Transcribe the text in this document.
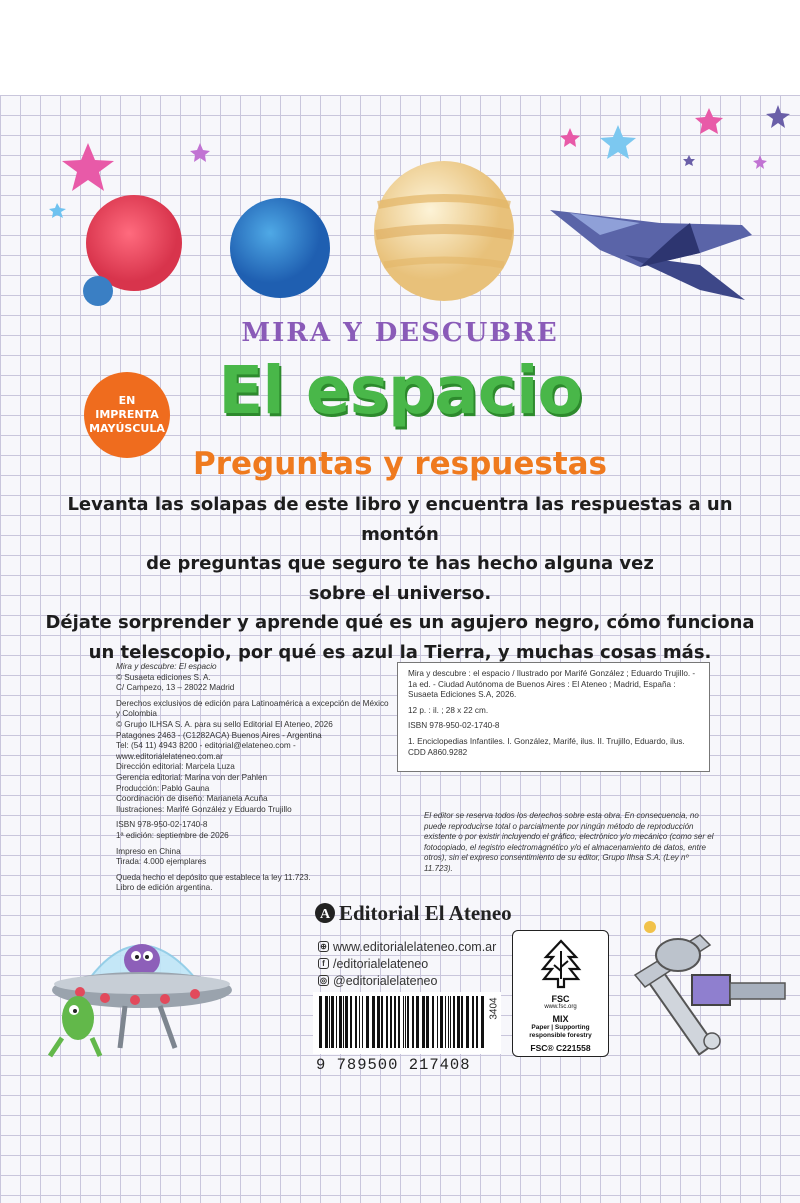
MIRA Y DESCUBRE
El espacio
EN
IMPRENTA
MAYÚSCULA
Preguntas y respuestas
Levanta las solapas de este libro y encuentra las respuestas a un montón
de preguntas que seguro te has hecho alguna vez
sobre el universo.
Déjate sorprender y aprende qué es un agujero negro, cómo funciona
un telescopio, por qué es azul la Tierra, y muchas cosas más.

Mira y descubre: El espacio
© Susaeta ediciones S. A.
C/ Campezo, 13 – 28022 Madrid

Derechos exclusivos de edición para Latinoamérica a excepción de México y Colombia
© Grupo ILHSA S. A. para su sello Editorial El Ateneo, 2026
Patagones 2463 - (C1282ACA) Buenos Aires - Argentina
Tel: (54 11) 4943 8200 - editorial@elateneo.com - www.editorialelateneo.com.ar
Dirección editorial: Marcela Luza
Gerencia editorial: Marina von der Pahlen
Producción: Pablo Gauna
Coordinación de diseño: Marianela Acuña
Ilustraciones: Marifé González y Eduardo Trujillo

ISBN 978-950-02-1740-8
1ª edición: septiembre de 2026

Impreso en China
Tirada: 4.000 ejemplares

Queda hecho el depósito que establece la ley 11.723.
Libro de edición argentina.

Mira y descubre : el espacio / Ilustrado por Marifé González ; Eduardo Trujillo. - 1a ed. - Ciudad Autónoma de Buenos Aires : El Ateneo ; Madrid, España : Susaeta Ediciones S.A, 2026.

12 p. : il. ; 28 x 22 cm.

ISBN 978-950-02-1740-8

1. Enciclopedias Infantiles. I. González, Marifé, ilus. II. Trujillo, Eduardo, ilus.
CDD A860.9282

El editor se reserva todos los derechos sobre esta obra. En consecuencia, no puede reproducirse total o parcialmente por ningún método de reproducción existente o por existir incluyendo el gráfico, electrónico y/o mecánico (como ser el fotocopiado, el registro electromagnético y/o el almacenamiento de datos, entre otros), sin el expreso consentimiento de su editor, Grupo Ilhsa S.A. (Ley nº 11.723).
A Editorial El Ateneo
⊕ www.editorialelateneo.com.ar
f /editorialelateneo
◎ @editorialelateneo
3404
9 789500 217408
FSC
www.fsc.org
MIX
Paper | Supporting responsible forestry
FSC® C221558
